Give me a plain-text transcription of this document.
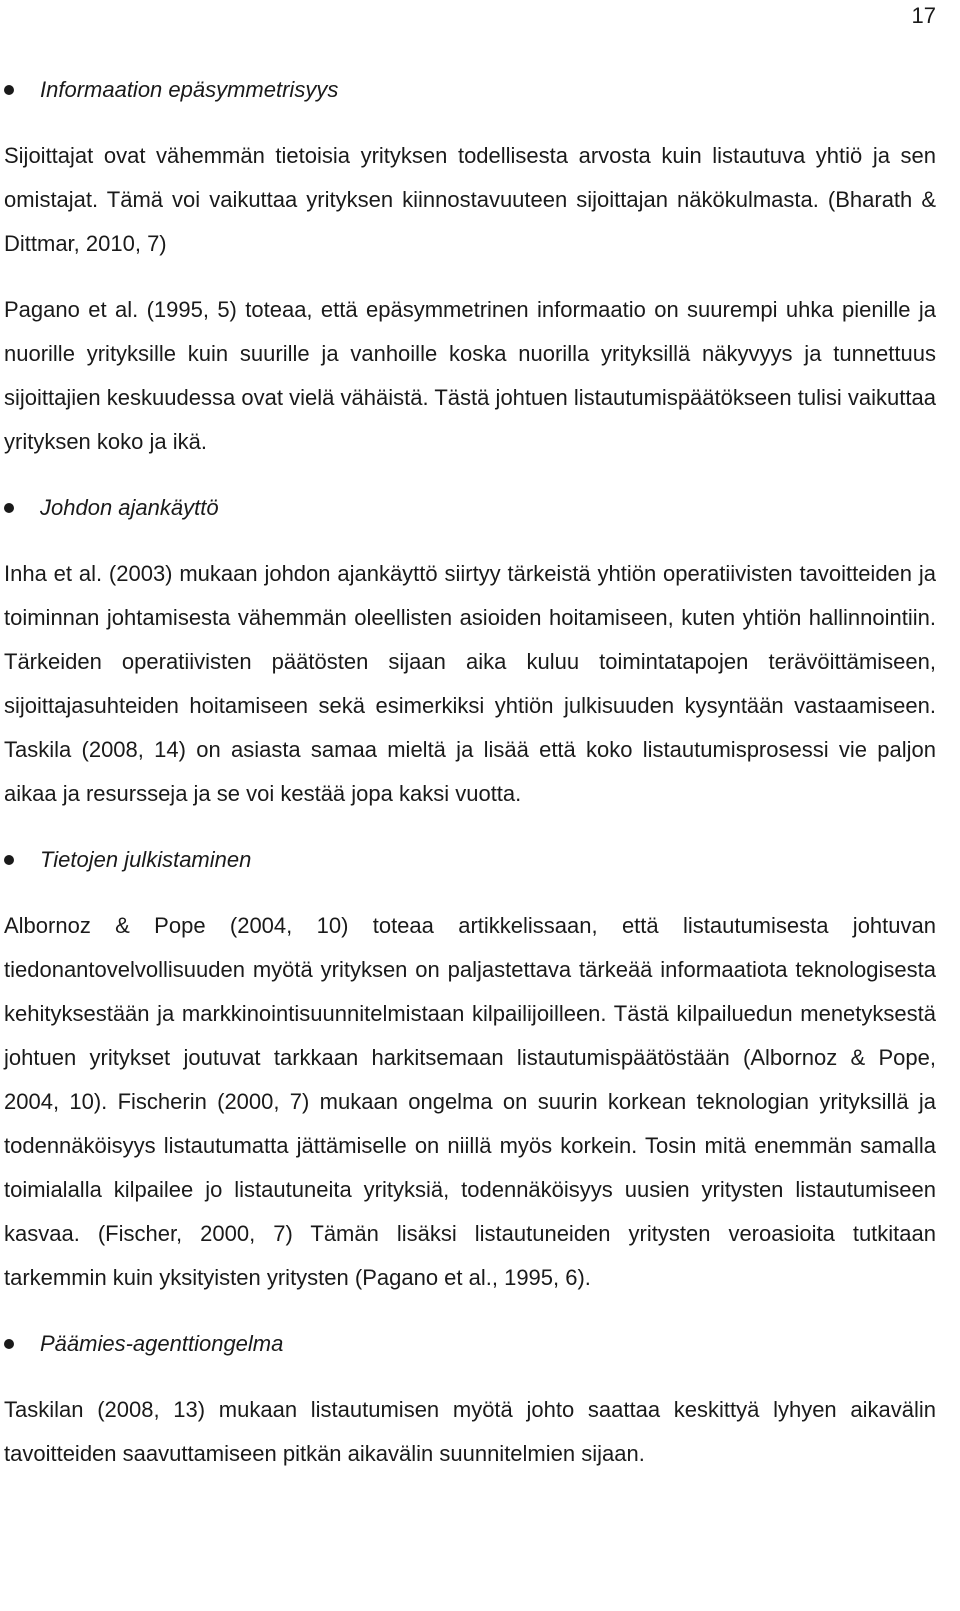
17
Informaation epäsymmetrisyys

Sijoittajat ovat vähemmän tietoisia yrityksen todellisesta arvosta kuin listautuva yhtiö ja sen omistajat. Tämä voi vaikuttaa yrityksen kiinnostavuuteen sijoittajan näkökulmasta. (Bharath & Dittmar, 2010, 7)

Pagano et al. (1995, 5) toteaa, että epäsymmetrinen informaatio on suurempi uhka pienille ja nuorille yrityksille kuin suurille ja vanhoille koska nuorilla yrityksillä näkyvyys ja tunnettuus sijoittajien keskuudessa ovat vielä vähäistä. Tästä johtuen listautumispäätökseen tulisi vaikuttaa yrityksen koko ja ikä.

Johdon ajankäyttö

Inha et al. (2003) mukaan johdon ajankäyttö siirtyy tärkeistä yhtiön operatiivisten tavoitteiden ja toiminnan johtamisesta vähemmän oleellisten asioiden hoitamiseen, kuten yhtiön hallinnointiin. Tärkeiden operatiivisten päätösten sijaan aika kuluu toimintatapojen terävöittämiseen, sijoittajasuhteiden hoitamiseen sekä esimerkiksi yhtiön julkisuuden kysyntään vastaamiseen. Taskila (2008, 14) on asiasta samaa mieltä ja lisää että koko listautumisprosessi vie paljon aikaa ja resursseja ja se voi kestää jopa kaksi vuotta.

Tietojen julkistaminen

Albornoz & Pope (2004, 10) toteaa artikkelissaan, että listautumisesta johtuvan tiedonantovelvollisuuden myötä yrityksen on paljastettava tärkeää informaatiota teknologisesta kehityksestään ja markkinointisuunnitelmistaan kilpailijoilleen. Tästä kilpailuedun menetyksestä johtuen yritykset joutuvat tarkkaan harkitsemaan listautumispäätöstään (Albornoz & Pope, 2004, 10). Fischerin (2000, 7) mukaan ongelma on suurin korkean teknologian yrityksillä ja todennäköisyys listautumatta jättämiselle on niillä myös korkein. Tosin mitä enemmän samalla toimialalla kilpailee jo listautuneita yrityksiä, todennäköisyys uusien yritysten listautumiseen kasvaa. (Fischer, 2000, 7) Tämän lisäksi listautuneiden yritysten veroasioita tutkitaan tarkemmin kuin yksityisten yritysten (Pagano et al., 1995, 6).

Päämies-agenttiongelma

Taskilan (2008, 13) mukaan listautumisen myötä johto saattaa keskittyä lyhyen aikavälin tavoitteiden saavuttamiseen pitkän aikavälin suunnitelmien sijaan.
